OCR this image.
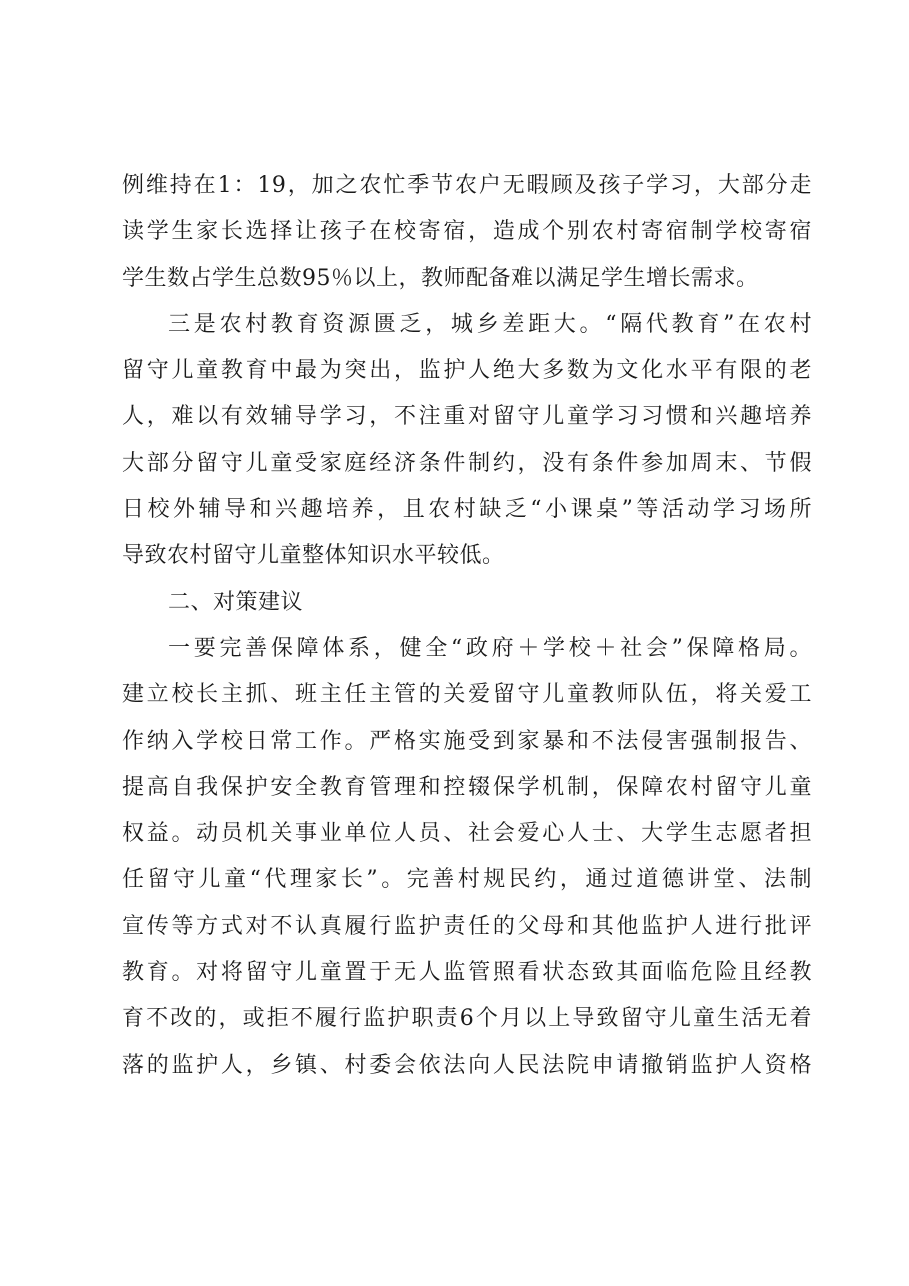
例维持在1：19，加之农忙季节农户无暇顾及孩子学习，大部分走
读学生家长选择让孩子在校寄宿，造成个别农村寄宿制学校寄宿
学生数占学生总数95％以上，教师配备难以满足学生增长需求。
三是农村教育资源匮乏，城乡差距大。“隔代教育”在农村
留守儿童教育中最为突出，监护人绝大多数为文化水平有限的老
人，难以有效辅导学习，不注重对留守儿童学习习惯和兴趣培养
大部分留守儿童受家庭经济条件制约，没有条件参加周末、节假
日校外辅导和兴趣培养，且农村缺乏“小课桌”等活动学习场所
导致农村留守儿童整体知识水平较低。
二、对策建议
一要完善保障体系，健全“政府＋学校＋社会”保障格局。
建立校长主抓、班主任主管的关爱留守儿童教师队伍，将关爱工
作纳入学校日常工作。严格实施受到家暴和不法侵害强制报告、
提高自我保护安全教育管理和控辍保学机制，保障农村留守儿童
权益。动员机关事业单位人员、社会爱心人士、大学生志愿者担
任留守儿童“代理家长”。完善村规民约，通过道德讲堂、法制
宣传等方式对不认真履行监护责任的父母和其他监护人进行批评
教育。对将留守儿童置于无人监管照看状态致其面临危险且经教
育不改的，或拒不履行监护职责6个月以上导致留守儿童生活无着
落的监护人，乡镇、村委会依法向人民法院申请撤销监护人资格
